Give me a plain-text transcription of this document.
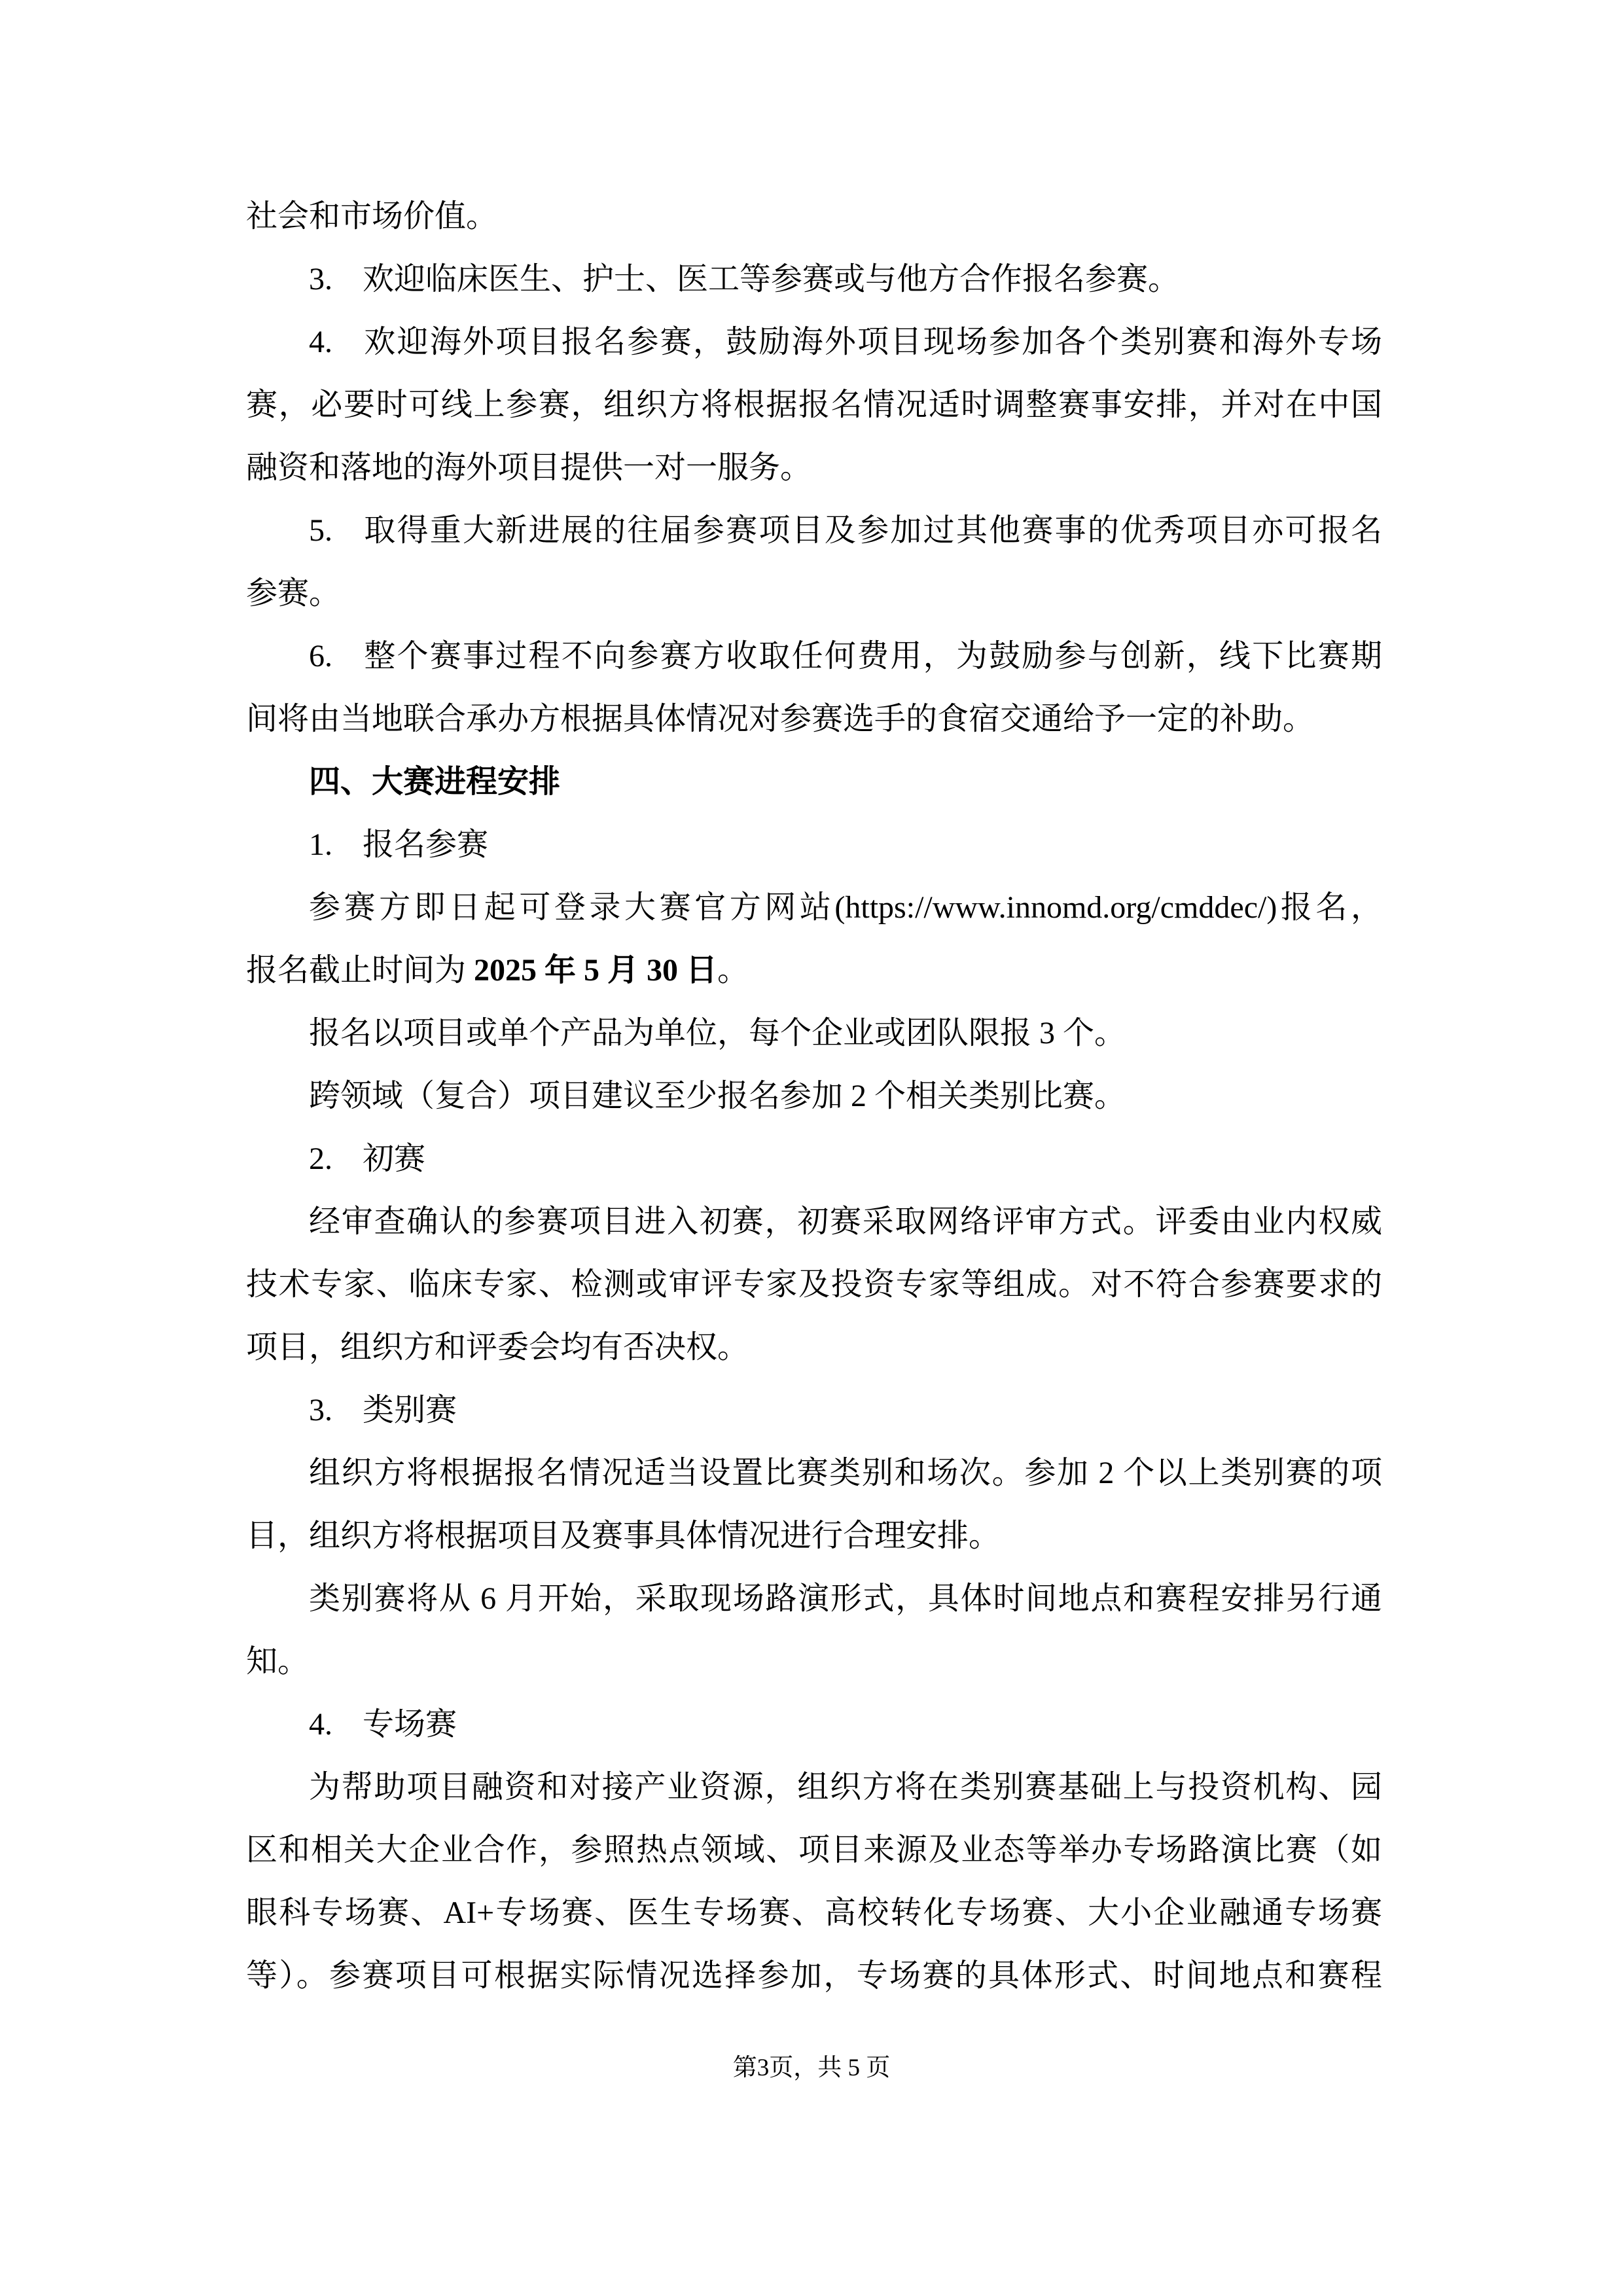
社会和市场价值。
3. 欢迎临床医生、护士、医工等参赛或与他方合作报名参赛。
4. 欢迎海外项目报名参赛，鼓励海外项目现场参加各个类别赛和海外专场
赛，必要时可线上参赛，组织方将根据报名情况适时调整赛事安排，并对在中国
融资和落地的海外项目提供一对一服务。
5. 取得重大新进展的往届参赛项目及参加过其他赛事的优秀项目亦可报名
参赛。
6. 整个赛事过程不向参赛方收取任何费用，为鼓励参与创新，线下比赛期
间将由当地联合承办方根据具体情况对参赛选手的食宿交通给予一定的补助。
四、大赛进程安排
1. 报名参赛
参赛方即日起可登录大赛官方网站(https://www.innomd.org/cmddec/)报名，
报名截止时间为 2025 年 5 月 30 日。
报名以项目或单个产品为单位，每个企业或团队限报 3 个。
跨领域（复合）项目建议至少报名参加 2 个相关类别比赛。
2. 初赛
经审查确认的参赛项目进入初赛，初赛采取网络评审方式。评委由业内权威
技术专家、临床专家、检测或审评专家及投资专家等组成。对不符合参赛要求的
项目，组织方和评委会均有否决权。
3. 类别赛
组织方将根据报名情况适当设置比赛类别和场次。参加 2 个以上类别赛的项
目，组织方将根据项目及赛事具体情况进行合理安排。
类别赛将从 6 月开始，采取现场路演形式，具体时间地点和赛程安排另行通
知。
4. 专场赛
为帮助项目融资和对接产业资源，组织方将在类别赛基础上与投资机构、园
区和相关大企业合作，参照热点领域、项目来源及业态等举办专场路演比赛（如
眼科专场赛、AI+专场赛、医生专场赛、高校转化专场赛、大小企业融通专场赛
等）。参赛项目可根据实际情况选择参加，专场赛的具体形式、时间地点和赛程
第3页，共 5 页
